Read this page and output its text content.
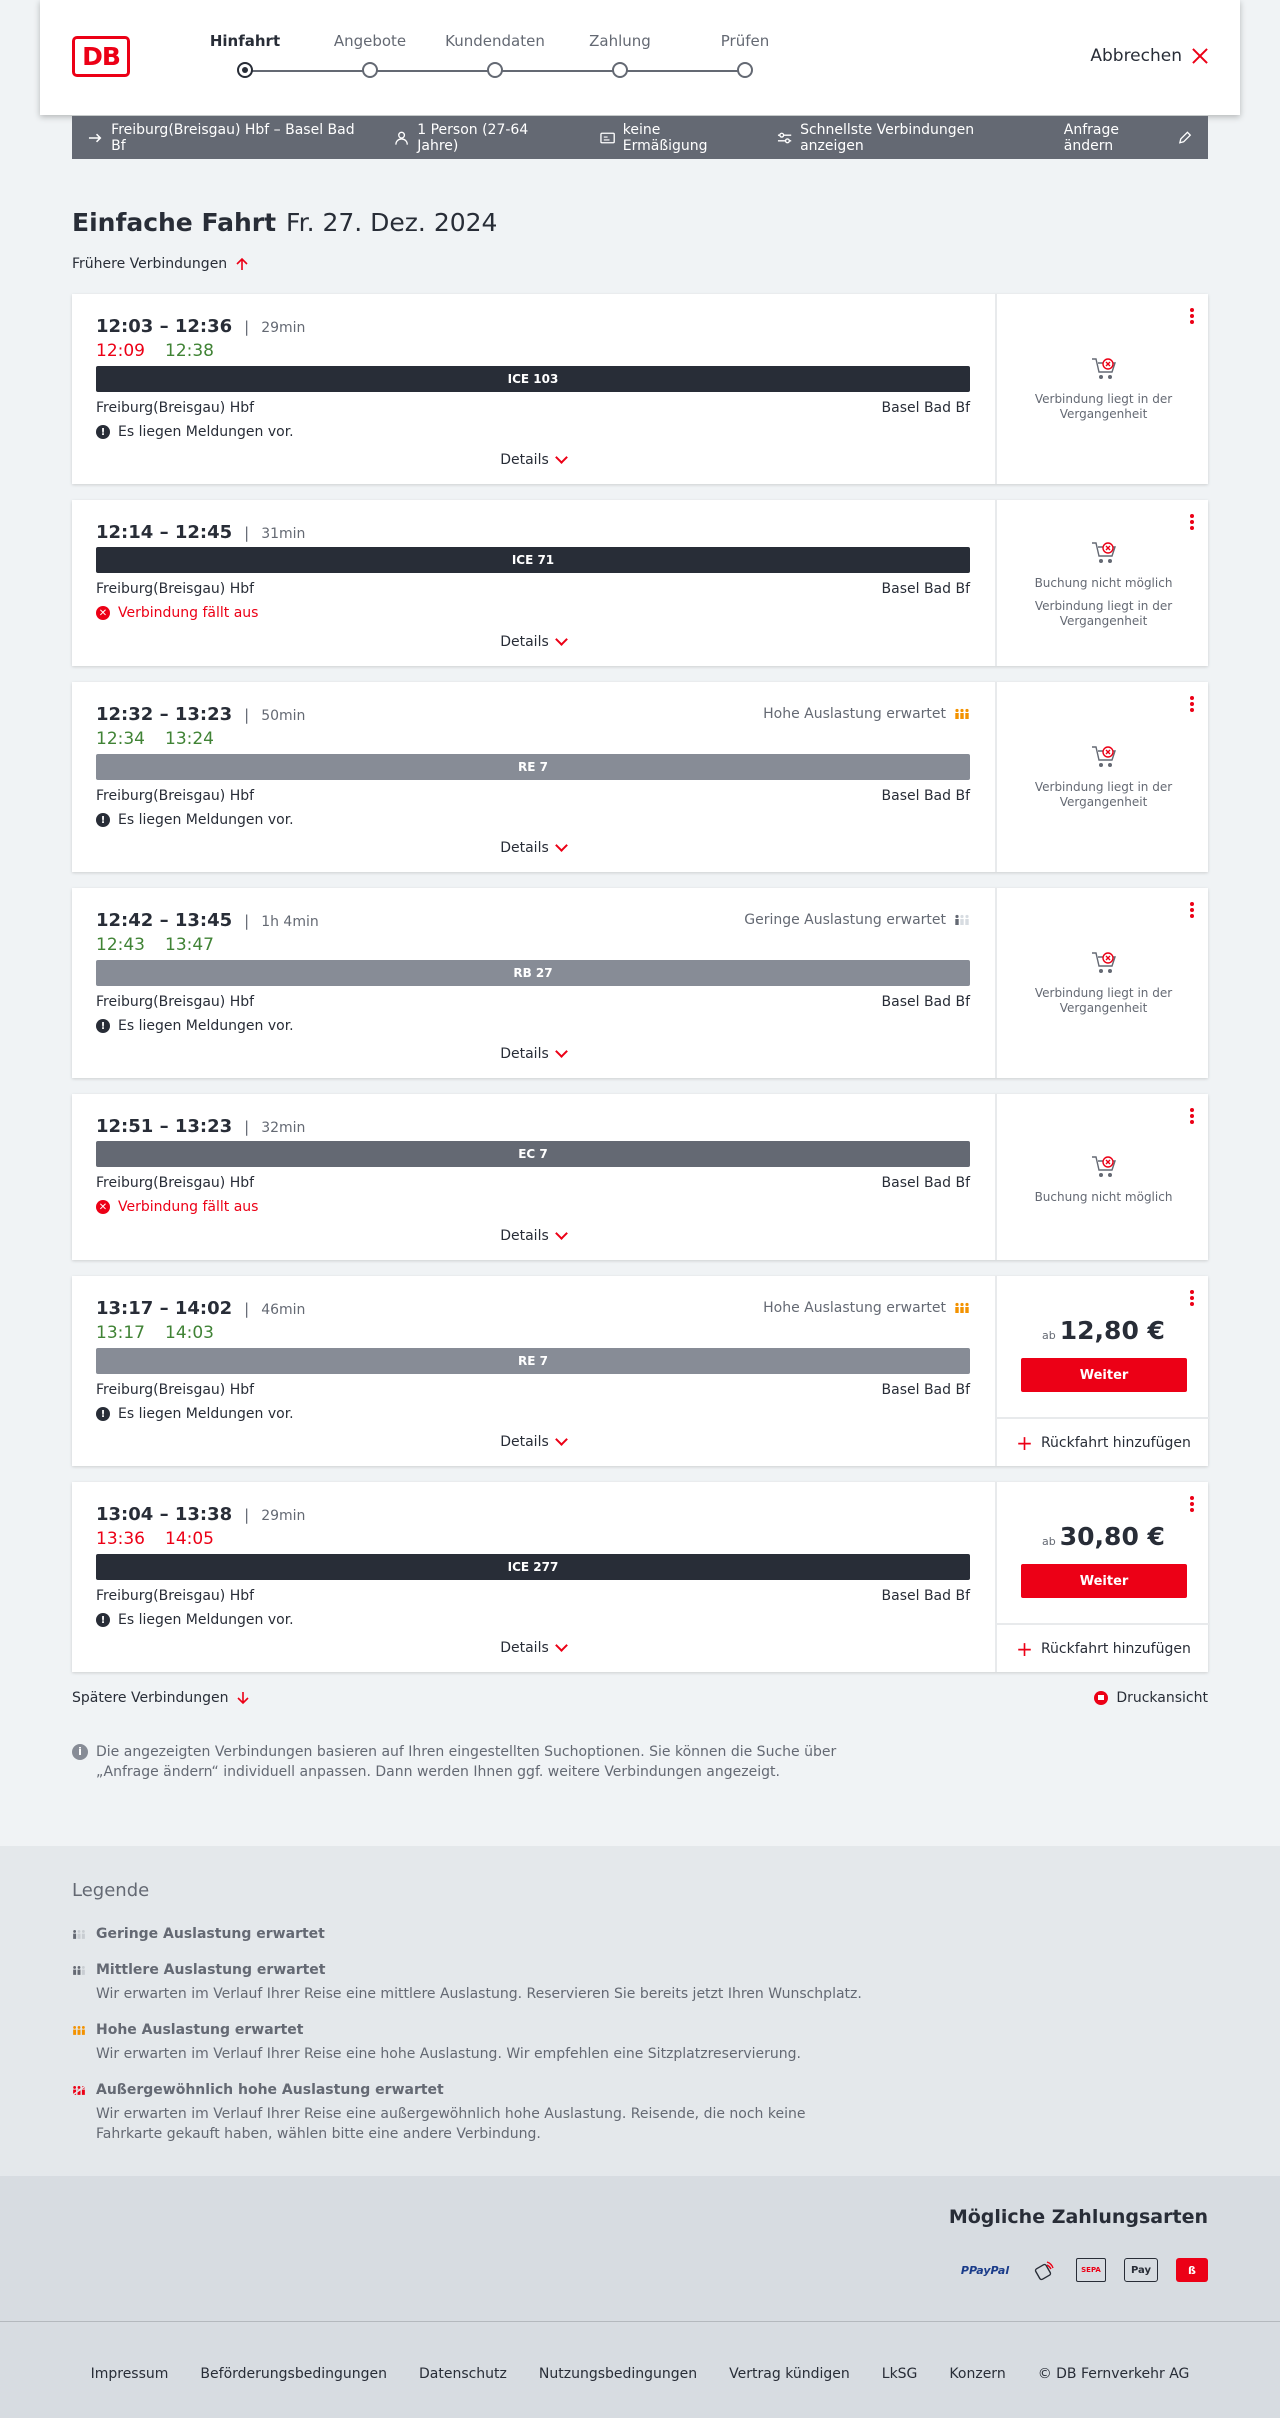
DB
Hinfahrt	Angebote	Kundendaten	Zahlung	Prüfen
Abbrechen
Freiburg(Breisgau) Hbf – Basel Bad Bf
1 Person (27-64 Jahre)
keine Ermäßigung
Schnellste Verbindungen anzeigen
Anfrage ändern
Einfache Fahrt Fr. 27. Dez. 2024
Frühere Verbindungen
12:03 – 12:36 | 29min
12:09 12:38
ICE 103
Freiburg(Breisgau) Hbf	Basel Bad Bf
! Es liegen Meldungen vor.
Details
Verbindung liegt in der Vergangenheit
12:14 – 12:45 | 31min
ICE 71
Freiburg(Breisgau) Hbf	Basel Bad Bf
✕ Verbindung fällt aus
Details
Buchung nicht möglich
Verbindung liegt in der Vergangenheit
12:32 – 13:23 | 50min	Hohe Auslastung erwartet
12:34 13:24
RE 7
Freiburg(Breisgau) Hbf	Basel Bad Bf
! Es liegen Meldungen vor.
Details
Verbindung liegt in der Vergangenheit
12:42 – 13:45 | 1h 4min	Geringe Auslastung erwartet
12:43 13:47
RB 27
Freiburg(Breisgau) Hbf	Basel Bad Bf
! Es liegen Meldungen vor.
Details
Verbindung liegt in der Vergangenheit
12:51 – 13:23 | 32min
EC 7
Freiburg(Breisgau) Hbf	Basel Bad Bf
✕ Verbindung fällt aus
Details
Buchung nicht möglich
13:17 – 14:02 | 46min	Hohe Auslastung erwartet
13:17 14:03
RE 7
Freiburg(Breisgau) Hbf	Basel Bad Bf
! Es liegen Meldungen vor.
Details
ab 12,80 €
Weiter
+ Rückfahrt hinzufügen
13:04 – 13:38 | 29min
13:36 14:05
ICE 277
Freiburg(Breisgau) Hbf	Basel Bad Bf
! Es liegen Meldungen vor.
Details
ab 30,80 €
Weiter
+ Rückfahrt hinzufügen
Spätere Verbindungen	Druckansicht
i	Die angezeigten Verbindungen basieren auf Ihren eingestellten Suchoptionen. Sie können die Suche über „Anfrage ändern“ individuell anpassen. Dann werden Ihnen ggf. weitere Verbindungen angezeigt.
Legende
Geringe Auslastung erwartet
Mittlere Auslastung erwartet
Wir erwarten im Verlauf Ihrer Reise eine mittlere Auslastung. Reservieren Sie bereits jetzt Ihren Wunschplatz.
Hohe Auslastung erwartet
Wir erwarten im Verlauf Ihrer Reise eine hohe Auslastung. Wir empfehlen eine Sitzplatzreservierung.
Außergewöhnlich hohe Auslastung erwartet
Wir erwarten im Verlauf Ihrer Reise eine außergewöhnlich hohe Auslastung. Reisende, die noch keine Fahrkarte gekauft haben, wählen bitte eine andere Verbindung.
Mögliche Zahlungsarten
P PayPal	SEPA	Pay	ß
Impressum Beförderungsbedingungen Datenschutz Nutzungsbedingungen Vertrag kündigen LkSG Konzern © DB Fernverkehr AG
